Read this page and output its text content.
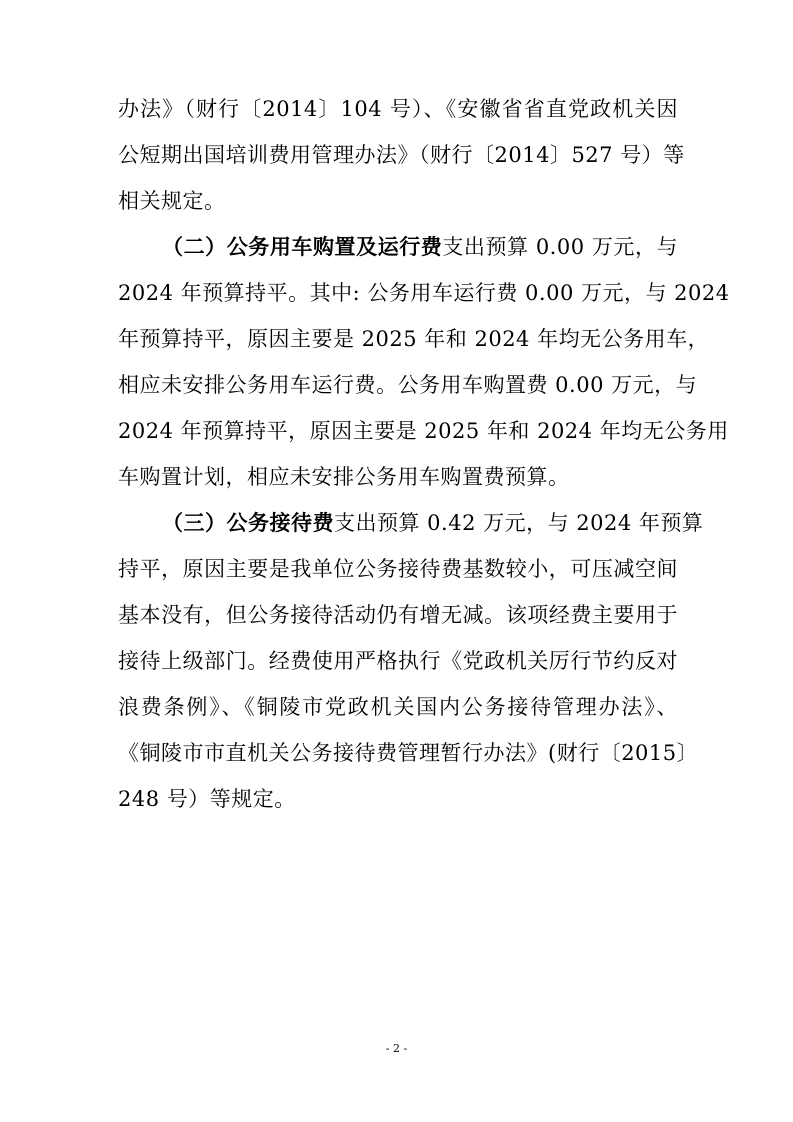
办法》（财行〔2014〕104 号）、《安徽省省直党政机关因
公短期出国培训费用管理办法》（财行〔2014〕527 号）等
相关规定。
（二）公务用车购置及运行费支出预算 0.00 万元，与
2024 年预算持平。其中: 公务用车运行费 0.00 万元，与 2024
年预算持平，原因主要是 2025 年和 2024 年均无公务用车，
相应未安排公务用车运行费。公务用车购置费 0.00 万元，与
2024 年预算持平，原因主要是 2025 年和 2024 年均无公务用
车购置计划，相应未安排公务用车购置费预算。
（三）公务接待费支出预算 0.42 万元，与 2024 年预算
持平，原因主要是我单位公务接待费基数较小，可压减空间
基本没有，但公务接待活动仍有增无减。该项经费主要用于
接待上级部门。经费使用严格执行《党政机关厉行节约反对
浪费条例》、《铜陵市党政机关国内公务接待管理办法》、
《铜陵市市直机关公务接待费管理暂行办法》(财行〔2015〕
248 号）等规定。
- 2 -
